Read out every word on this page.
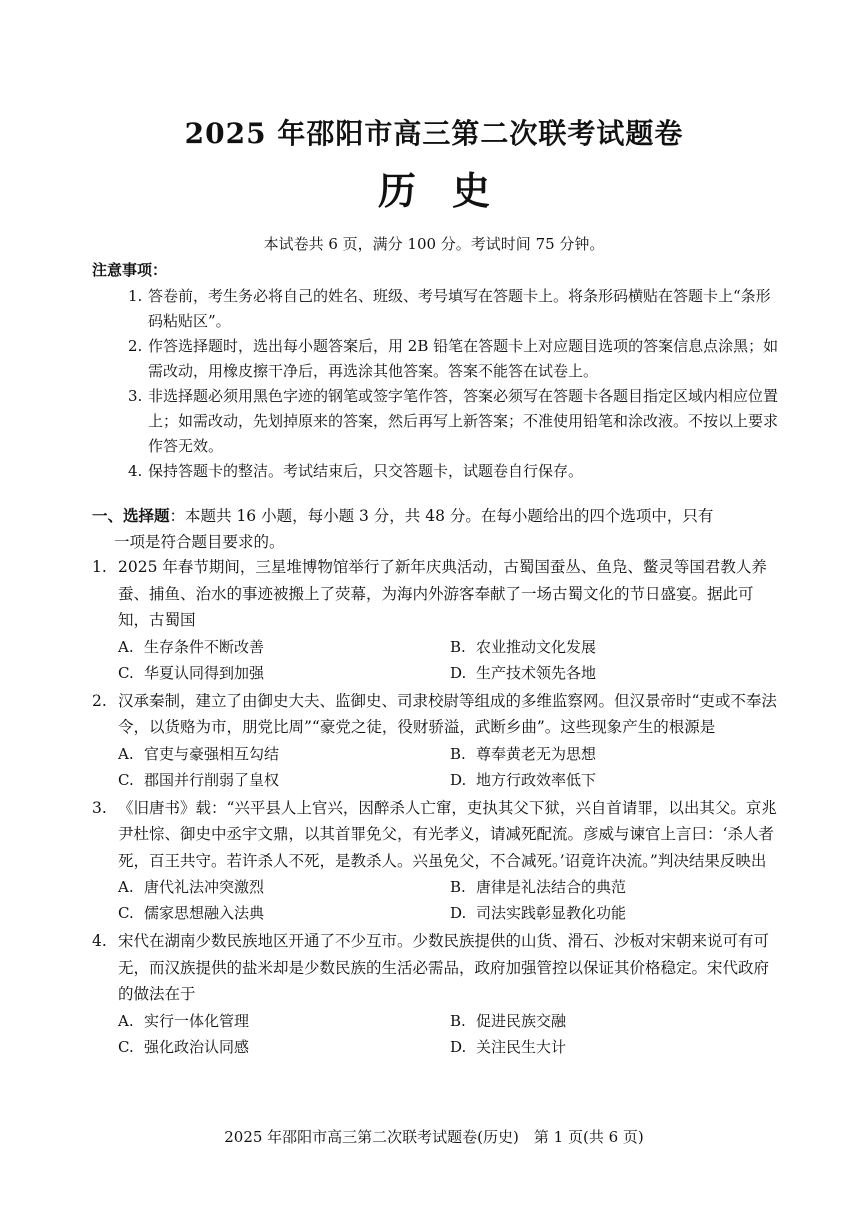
2025 年邵阳市高三第二次联考试题卷
历史
本试卷共 6 页，满分 100 分。考试时间 75 分钟。
注意事项：
1. 答卷前，考生务必将自己的姓名、班级、考号填写在答题卡上。将条形码横贴在答题卡上“条形码粘贴区”。
2. 作答选择题时，选出每小题答案后，用 2B 铅笔在答题卡上对应题目选项的答案信息点涂黑；如需改动，用橡皮擦干净后，再选涂其他答案。答案不能答在试卷上。
3. 非选择题必须用黑色字迹的钢笔或签字笔作答，答案必须写在答题卡各题目指定区域内相应位置上；如需改动，先划掉原来的答案，然后再写上新答案；不准使用铅笔和涂改液。不按以上要求作答无效。
4. 保持答题卡的整洁。考试结束后，只交答题卡，试题卷自行保存。
一、选择题：本题共 16 小题，每小题 3 分，共 48 分。在每小题给出的四个选项中，只有
一项是符合题目要求的。
1. 2025 年春节期间，三星堆博物馆举行了新年庆典活动，古蜀国蚕丛、鱼凫、鳖灵等国君教人养蚕、捕鱼、治水的事迹被搬上了荧幕，为海内外游客奉献了一场古蜀文化的节日盛宴。据此可知，古蜀国
A. 生存条件不断改善	B. 农业推动文化发展
C. 华夏认同得到加强	D. 生产技术领先各地
2. 汉承秦制，建立了由御史大夫、监御史、司隶校尉等组成的多维监察网。但汉景帝时“吏或不奉法令，以货赂为市，朋党比周”“豪党之徒，役财骄溢，武断乡曲”。这些现象产生的根源是
A. 官吏与豪强相互勾结	B. 尊奉黄老无为思想
C. 郡国并行削弱了皇权	D. 地方行政效率低下
3. 《旧唐书》载：“兴平县人上官兴，因醉杀人亡窜，吏执其父下狱，兴自首请罪，以出其父。京兆尹杜悰、御史中丞宇文鼎，以其首罪免父，有光孝义，请减死配流。彦威与谏官上言曰：‘杀人者死，百王共守。若许杀人不死，是教杀人。兴虽免父，不合减死。’诏竟许决流。”判决结果反映出
A. 唐代礼法冲突激烈	B. 唐律是礼法结合的典范
C. 儒家思想融入法典	D. 司法实践彰显教化功能
4. 宋代在湖南少数民族地区开通了不少互市。少数民族提供的山货、滑石、沙板对宋朝来说可有可无，而汉族提供的盐米却是少数民族的生活必需品，政府加强管控以保证其价格稳定。宋代政府的做法在于
A. 实行一体化管理	B. 促进民族交融
C. 强化政治认同感	D. 关注民生大计
2025 年邵阳市高三第二次联考试题卷(历史)　第 1 页(共 6 页)
